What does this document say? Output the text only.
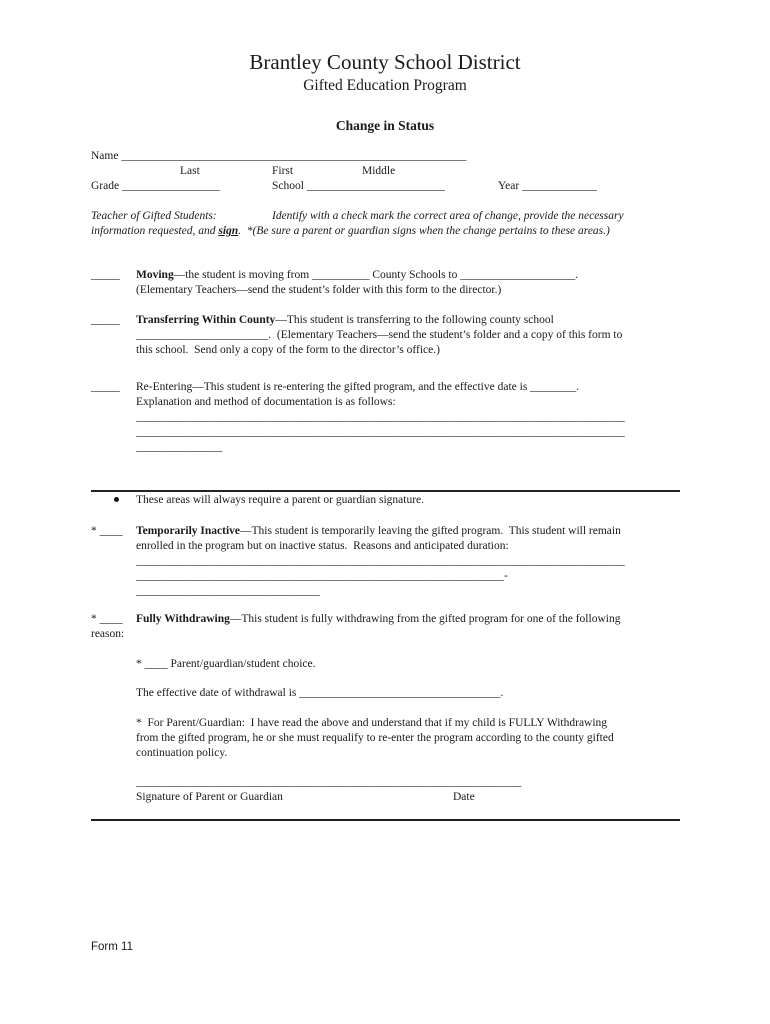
Brantley County School District
Gifted Education Program
Change in Status
Name ____________________________________________________________
Last	First	Middle
Grade _________________	School ________________________	Year _____________
Teacher of Gifted Students:	Identify with a check mark the correct area of change, provide the necessary
information requested, and sign.  *(Be sure a parent or guardian signs when the change pertains to these areas.)
_____ Moving—the student is moving from __________ County Schools to ____________________.
(Elementary Teachers—send the student’s folder with this form to the director.)
_____ Transferring Within County—This student is transferring to the following county school
_______________________.  (Elementary Teachers—send the student’s folder and a copy of this form to
this school.  Send only a copy of the form to the director’s office.)
_____ Re-Entering—This student is re-entering the gifted program, and the effective date is ________.
Explanation and method of documentation is as follows:
_____________________________________________________________________________________
_____________________________________________________________________________________
_______________
These areas will always require a parent or guardian signature.
* ____ Temporarily Inactive—This student is temporarily leaving the gifted program.  This student will remain
enrolled in the program but on inactive status.  Reasons and anticipated duration:
_____________________________________________________________________________________
________________________________________________________________-
________________________________
* ____ Fully Withdrawing—This student is fully withdrawing from the gifted program for one of the following
reason:
* ____ Parent/guardian/student choice.
The effective date of withdrawal is ___________________________________.
*  For Parent/Guardian:  I have read the above and understand that if my child is FULLY Withdrawing
from the gifted program, he or she must requalify to re-enter the program according to the county gifted
continuation policy.
___________________________________________________________________
Signature of Parent or Guardian	Date
Form 11
